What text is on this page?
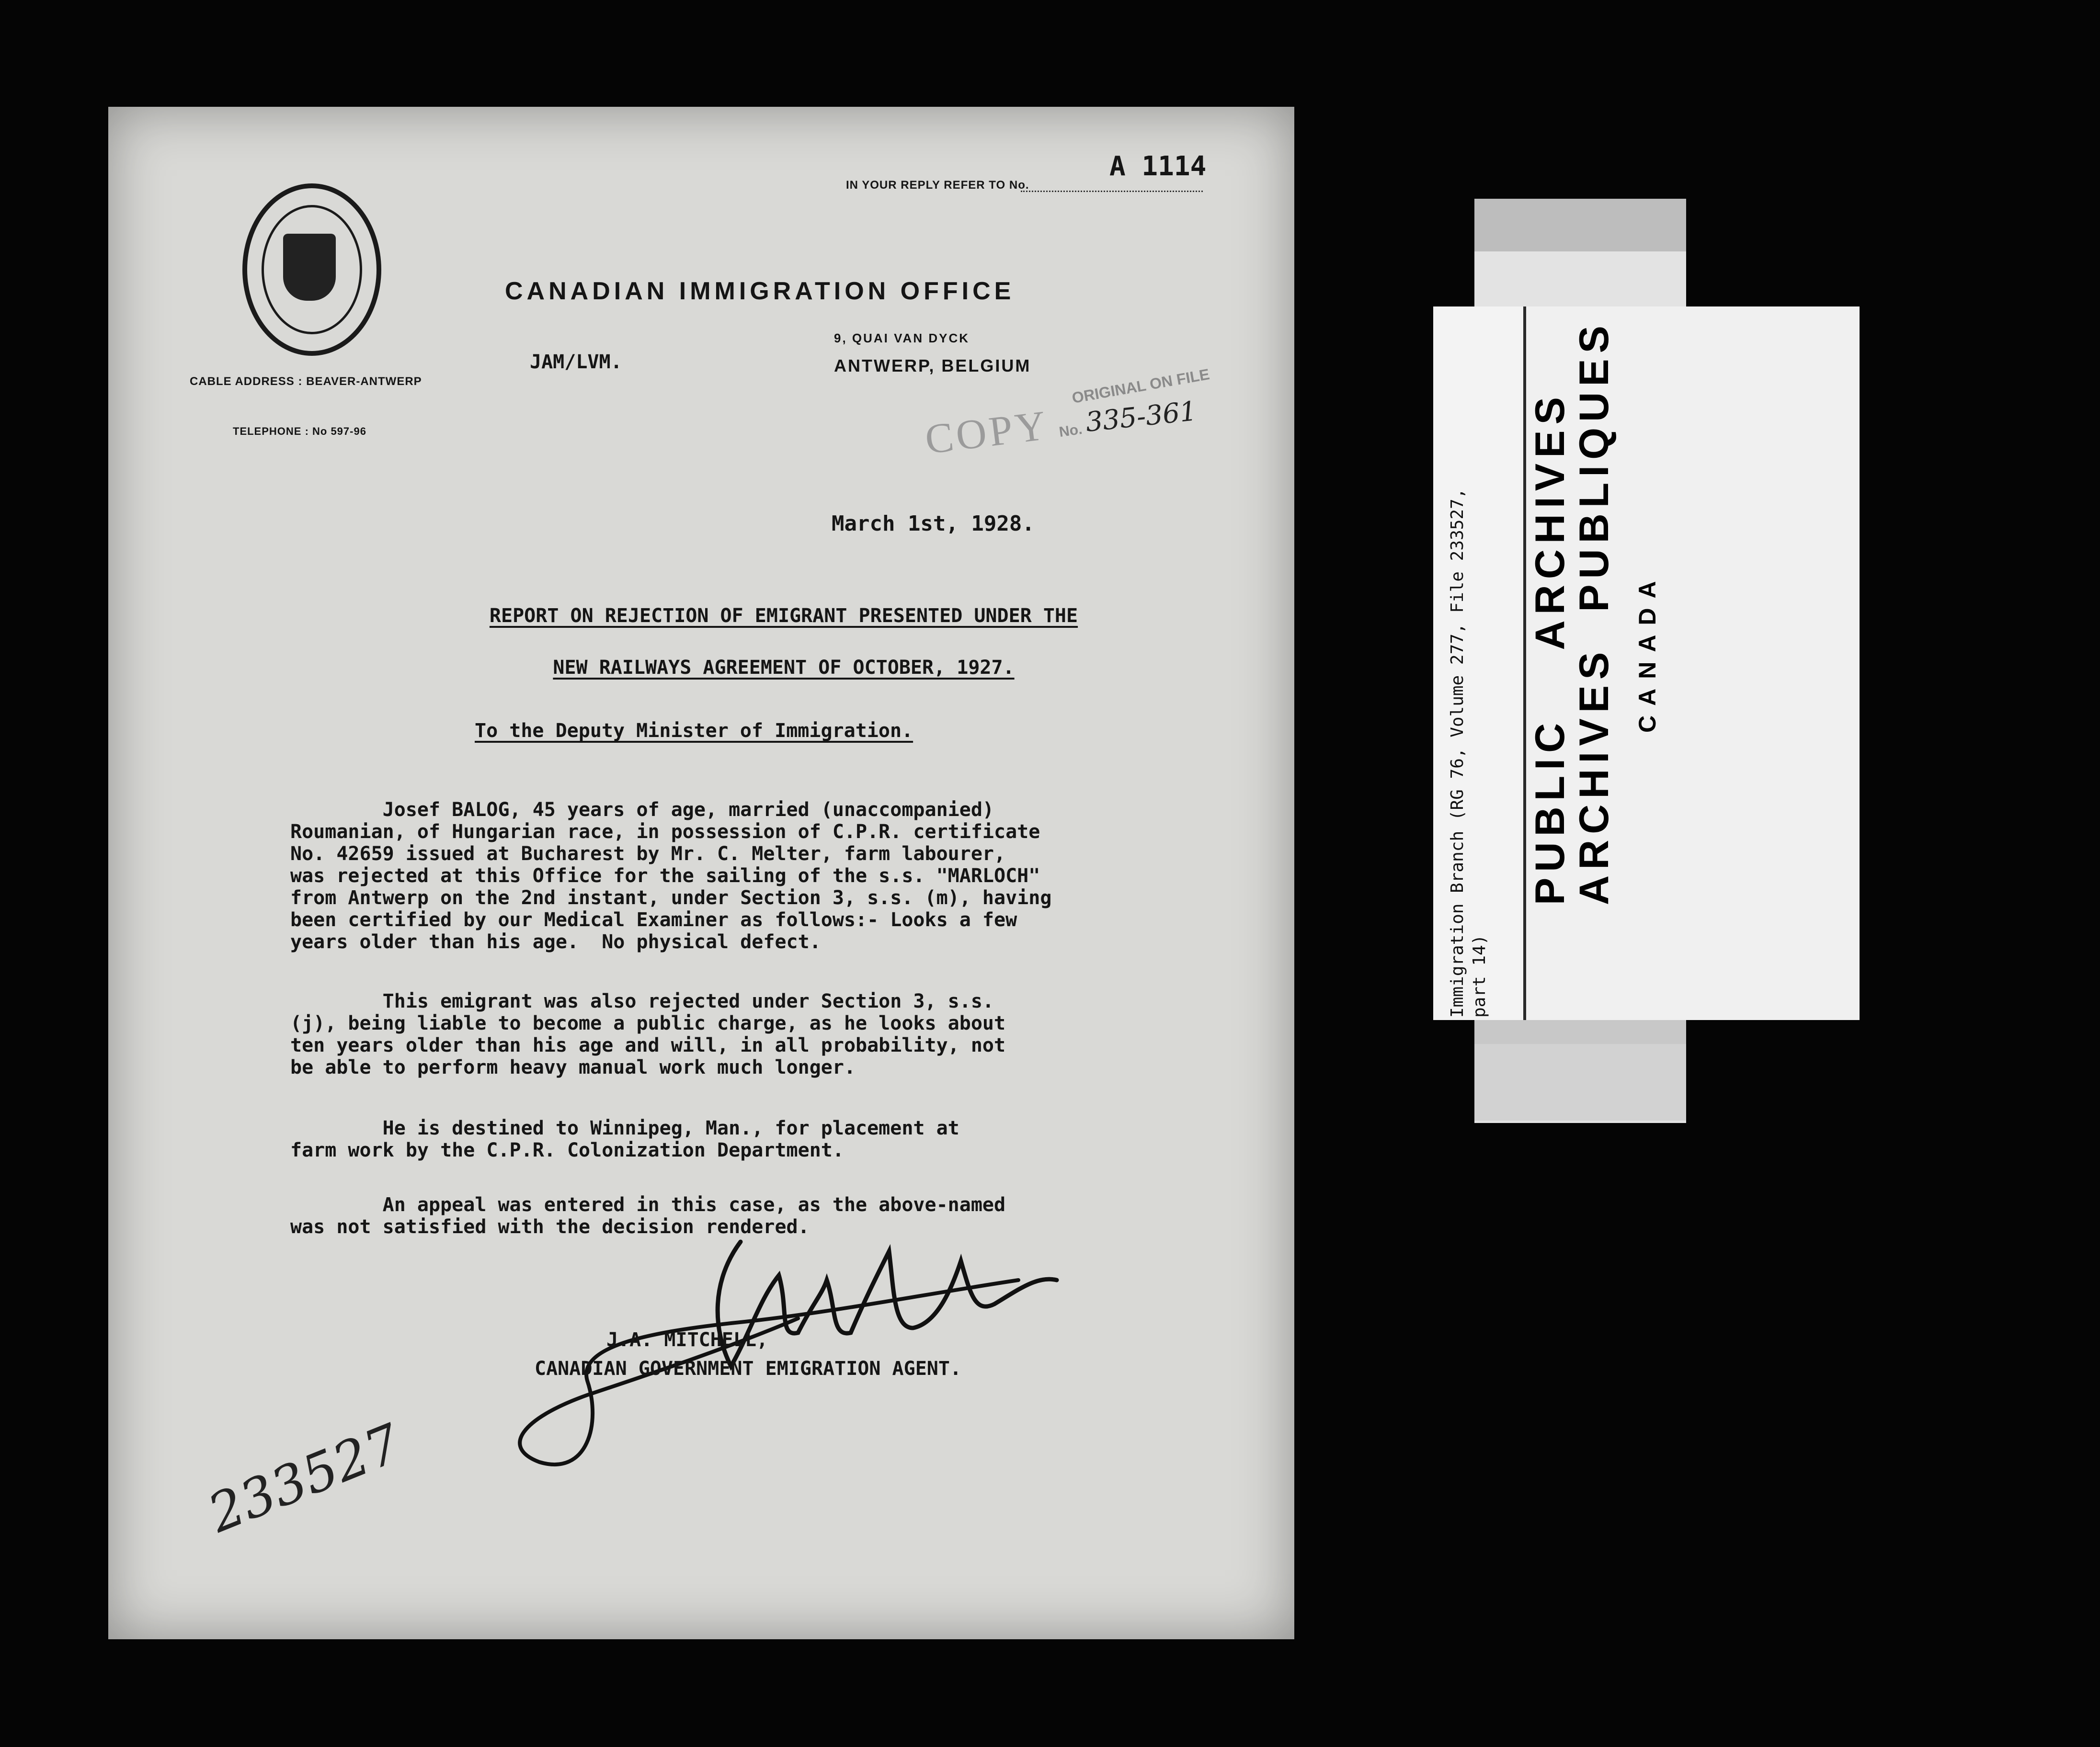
IN YOUR REPLY REFER TO No.
A 1114
CABLE ADDRESS : BEAVER-ANTWERP
TELEPHONE : No 597-96
CANADIAN IMMIGRATION OFFICE
9, QUAI VAN DYCK
ANTWERP, BELGIUM
JAM/LVM.
COPY
ORIGINAL ON FILE
No. 335-361
March 1st, 1928.
REPORT ON REJECTION OF EMIGRANT PRESENTED UNDER THE
NEW RAILWAYS AGREEMENT OF OCTOBER, 1927.
To the Deputy Minister of Immigration.
Josef BALOG, 45 years of age, married (unaccompanied)
Roumanian, of Hungarian race, in possession of C.P.R. certificate
No. 42659 issued at Bucharest by Mr. C. Melter, farm labourer,
was rejected at this Office for the sailing of the s.s. "MARLOCH"
from Antwerp on the 2nd instant, under Section 3, s.s. (m), having
been certified by our Medical Examiner as follows:- Looks a few
years older than his age.  No physical defect.
This emigrant was also rejected under Section 3, s.s.
(j), being liable to become a public charge, as he looks about
ten years older than his age and will, in all probability, not
be able to perform heavy manual work much longer.
He is destined to Winnipeg, Man., for placement at
farm work by the C.P.R. Colonization Department.
An appeal was entered in this case, as the above-named
was not satisfied with the decision rendered.
J.A. MITCHELL,
CANADIAN GOVERNMENT EMIGRATION AGENT.
233527
Immigration Branch (RG 76, Volume 277, File 233527, part 14)
PUBLIC    ARCHIVES
ARCHIVES  PUBLIQUES CANADA
